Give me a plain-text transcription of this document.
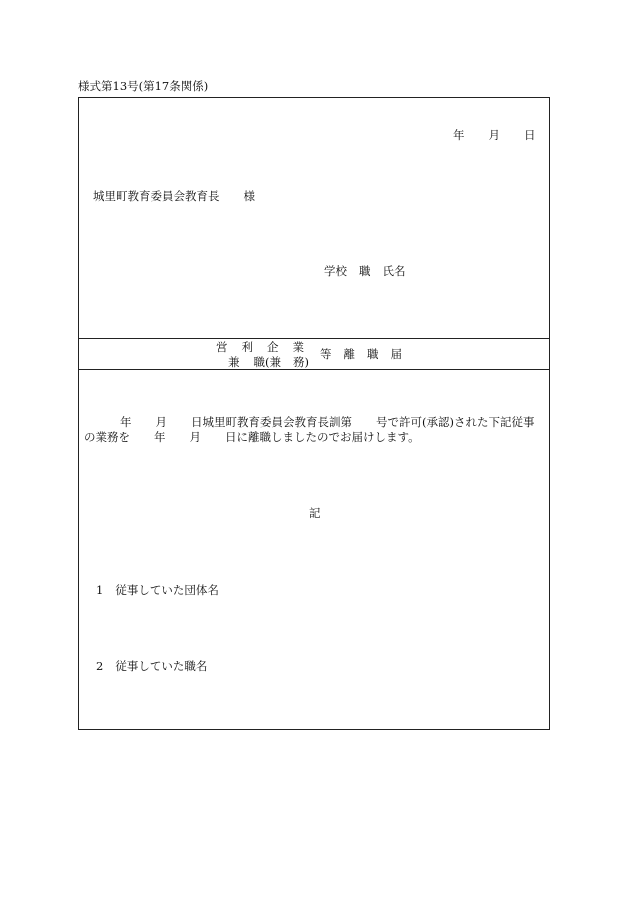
様式第13号(第17条関係)
年 月 日
城里町教育委員会教育長 様
学校 職 氏名
営 利 企 業
兼 職(兼 務)
等 離 職 届
年 月 日城里町教育委員会教育長訓第 号で許可(承認)された下記従事
の業務を 年 月 日に離職しましたのでお届けします。
記
1 従事していた団体名
2 従事していた職名
